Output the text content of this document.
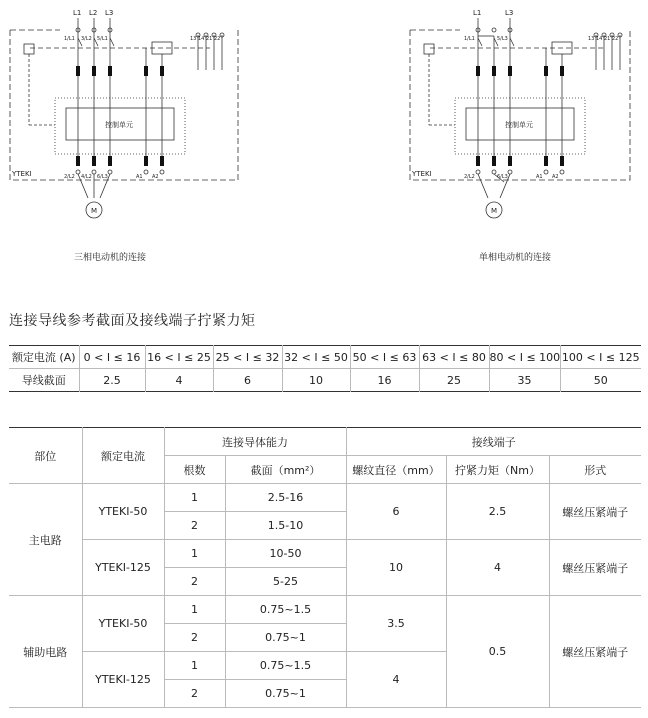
L1 L2 L3
1/L1 3/L2 5/L1	13 14 21 22
2/L2 4/L2 6/L3	A1 A2
控制单元
YTEKI
M
三相电动机的连接
L1	L3
1/L1	5/L3	13 14 21 22
2/L2	6/L3	A1 A2
控制单元
YTEKI
M
单相电动机的连接
连接导线参考截面及接线端子拧紧力矩
额定电流 (A)	0 < I ≤ 16	16 < I ≤ 25	25 < I ≤ 32	32 < I ≤ 50	50 < I ≤ 63	63 < I ≤ 80	80 < I ≤ 100	100 < I ≤ 125
导线截面	2.5	4	6	10	16	25	35	50
部位	额定电流	连接导体能力		接线端子		
		根数	截面（mm²）	螺纹直径（mm）	拧紧力矩（Nm）	形式
主电路	YTEKI-50	1	2.5-16	6	2.5	螺丝压紧端子
		2	1.5-10			
	YTEKI-125	1	10-50	10	4	螺丝压紧端子
		2	5-25			
辅助电路	YTEKI-50	1	0.75~1.5	3.5	0.5	螺丝压紧端子
		2	0.75~1			
	YTEKI-125	1	0.75~1.5	4		
		2	0.75~1			
